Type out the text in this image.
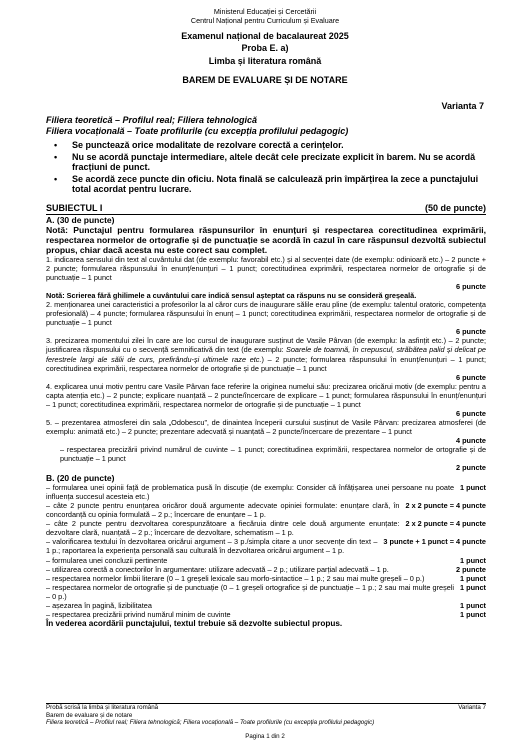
Ministerul Educației și Cercetării
Centrul Național pentru Curriculum și Evaluare
Examenul național de bacalaureat 2025
Proba E. a)
Limba și literatura română
BAREM DE EVALUARE ȘI DE NOTARE
Varianta 7
Filiera teoretică – Profilul real; Filiera tehnologică
Filiera vocațională – Toate profilurile (cu excepția profilului pedagogic)
• Se punctează orice modalitate de rezolvare corectă a cerințelor.
• Nu se acordă punctaje intermediare, altele decât cele precizate explicit în barem. Nu se acordă fracțiuni de punct.
• Se acordă zece puncte din oficiu. Nota finală se calculează prin împărțirea la zece a punctajului total acordat pentru lucrare.
SUBIECTUL I	(50 de puncte)

A. (30 de puncte)

Notă: Punctajul pentru formularea răspunsurilor în enunțuri și respectarea corectitudinea exprimării, respectarea normelor de ortografie și de punctuație se acordă în cazul în care răspunsul dezvoltă subiectul propus, chiar dacă acesta nu este corect sau complet.

1. indicarea sensului din text al cuvântului dat (de exemplu: favorabil etc.) și al secvenței date (de exemplu: odinioară etc.) – 2 puncte + 2 puncte; formularea răspunsului în enunț/enunțuri – 1 punct; corectitudinea exprimării, respectarea normelor de ortografie și de punctuație – 1 punct

6 puncte

Notă: Scrierea fără ghilimele a cuvântului care indică sensul așteptat ca răspuns nu se consideră greșeală.

2. menționarea unei caracteristici a profesorilor la al căror curs de inaugurare sălile erau pline (de exemplu: talentul oratoric, competența profesională) – 4 puncte; formularea răspunsului în enunț – 1 punct; corectitudinea exprimării, respectarea normelor de ortografie și de punctuație – 1 punct

6 puncte

3. precizarea momentului zilei în care are loc cursul de inaugurare susținut de Vasile Pârvan (de exemplu: la asfințit etc.) – 2 puncte; justificarea răspunsului cu o secvență semnificativă din text (de exemplu: Soarele de toamnă, în crepuscul, străbătea palid și delicat pe ferestrele largi ale sălii de curs, prefirându-și ultimele raze etc.) – 2 puncte; formularea răspunsului în enunț/enunțuri – 1 punct; corectitudinea exprimării, respectarea normelor de ortografie și de punctuație – 1 punct

6 puncte

4. explicarea unui motiv pentru care Vasile Pârvan face referire la originea numelui său: precizarea oricărui motiv (de exemplu: pentru a capta atenția etc.) – 2 puncte; explicare nuanțată – 2 puncte/încercare de explicare – 1 punct; formularea răspunsului în enunț/enunțuri – 1 punct; corectitudinea exprimării, respectarea normelor de ortografie și de punctuație – 1 punct

6 puncte

5. – prezentarea atmosferei din sala „Odobescu”, de dinaintea începerii cursului susținut de Vasile Pârvan: precizarea atmosferei (de exemplu: animată etc.) – 2 puncte; prezentare adecvată și nuanțată – 2 puncte/încercare de prezentare – 1 punct

4 puncte

– respectarea precizării privind numărul de cuvinte – 1 punct; corectitudinea exprimării, respectarea normelor de ortografie și de punctuație – 1 punct

2 puncte

B. (20 de puncte)

– formularea unei opinii față de problematica pusă în discuție (de exemplu: Consider că înfățișarea unei persoane nu poate influența succesul acesteia etc.)
1 punct
– câte 2 puncte pentru enunțarea oricăror două argumente adecvate opiniei formulate: enunțare clară, în concordanță cu opinia formulată – 2 p.; încercare de enunțare – 1 p.
2 x 2 puncte = 4 puncte
– câte 2 puncte pentru dezvoltarea corespunzătoare a fiecăruia dintre cele două argumente enunțate: dezvoltare clară, nuanțată – 2 p.; încercare de dezvoltare, schematism – 1 p.
2 x 2 puncte = 4 puncte
– valorificarea textului în dezvoltarea oricărui argument – 3 p./simpla citare a unor secvențe din text – 1 p.; raportarea la experiența personală sau culturală în dezvoltarea oricărui argument – 1 p.
3 puncte + 1 punct = 4 puncte
– formularea unei concluzii pertinente	1 punct
– utilizarea corectă a conectorilor în argumentare: utilizare adecvată – 2 p.; utilizare parțial adecvată – 1 p.	2 puncte
– respectarea normelor limbii literare (0 – 1 greșeli lexicale sau morfo-sintactice – 1 p.; 2 sau mai multe greșeli – 0 p.)	1 punct
– respectarea normelor de ortografie și de punctuație (0 – 1 greșeli ortografice și de punctuație – 1 p.; 2 sau mai multe greșeli – 0 p.)
1 punct
– așezarea în pagină, lizibilitatea	1 punct
– respectarea precizării privind numărul minim de cuvinte	1 punct

În vederea acordării punctajului, textul trebuie să dezvolte subiectul propus.

Probă scrisă la limba și literatura română
Barem de evaluare și de notare
Filiera teoretică – Profilul real; Filiera tehnologică; Filiera vocațională – Toate profilurile (cu excepția profilului pedagogic)
Varianta 7
Pagina 1 din 2
